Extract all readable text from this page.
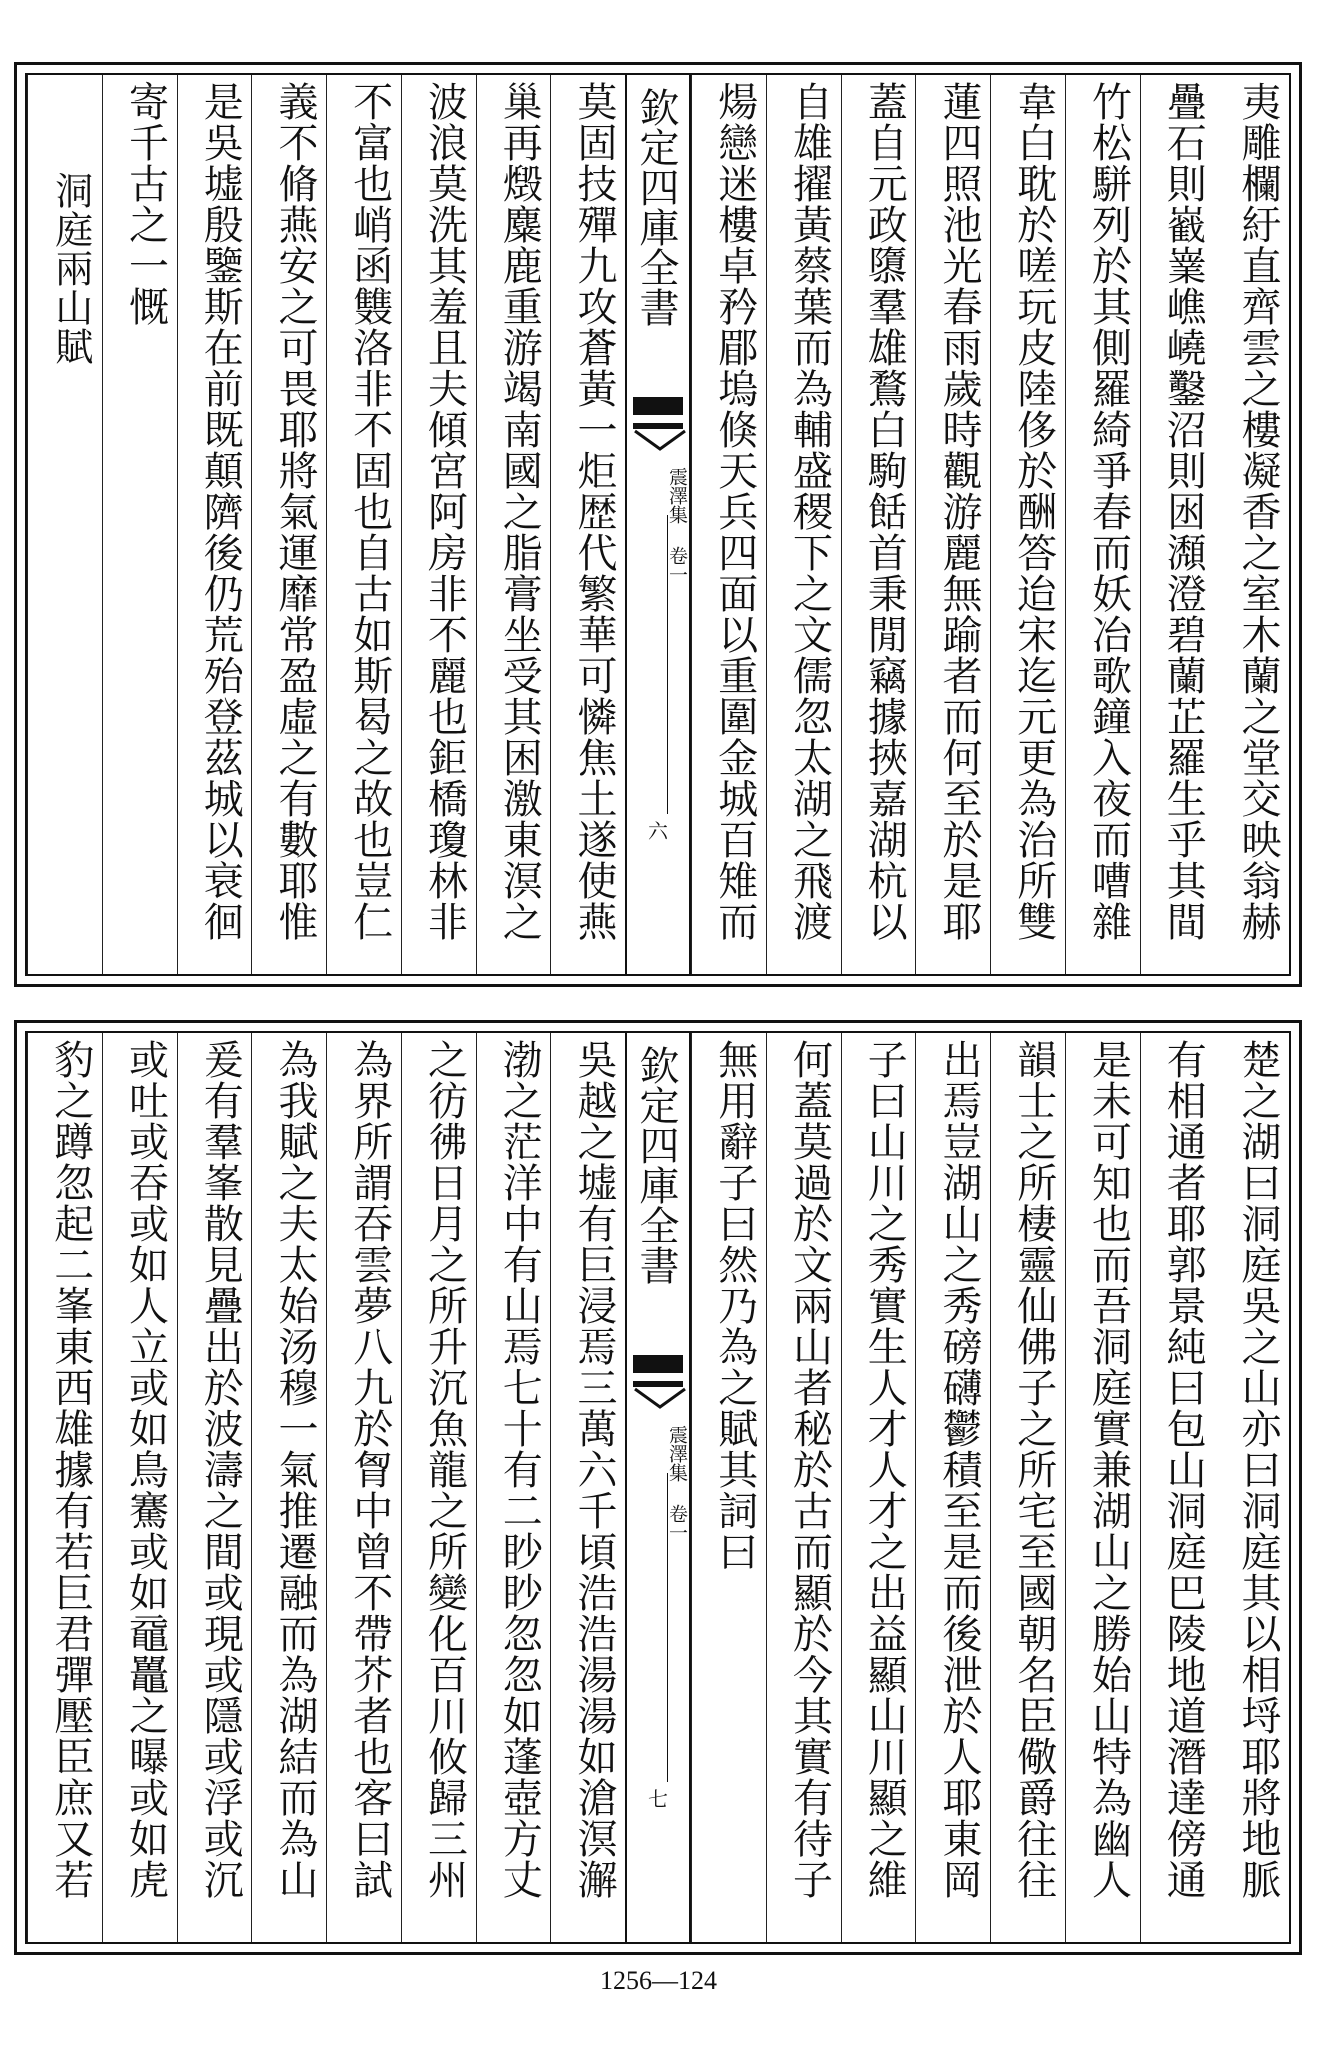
夷雕欄紆直齊雲之樓凝香之室木蘭之堂交映翁赫
疊石則巀嶪嶕嶢鑿沼則囦瀩澄碧蘭芷羅生乎其間
竹松駢列於其側羅綺爭春而妖冶歌鐘入夜而嘈雜
韋白耽於嗟玩皮陸侈於酬答迨宋迄元更為治所雙
蓮四照池光春雨歲時觀游麗無踰者而何至於是耶
蓋自元政隳羣雄鶩白駒餂首秉閒竊據挾嘉湖杭以
自雄擢黃蔡葉而為輔盛稷下之文儒忽太湖之飛渡
煬戀迷樓卓矜郿塢倏天兵四面以重圍金城百雉而
欽定四庫全書
震澤集 卷一
六
莫固技殫九攻蒼黃一炬歴代繁華可憐焦土遂使燕
巢再燬麋鹿重游竭南國之脂膏坐受其困激東溟之
波浪莫洗其羞且夫傾宮阿房非不麗也鉅橋瓊林非
不富也峭函䨇洛非不固也自古如斯曷之故也豈仁
義不脩燕安之可畏耶將氣運靡常盈虛之有數耶惟
是吳墟殷鑒斯在前既顛隮後仍荒殆登茲城以衰徊
寄千古之一慨
洞庭兩山賦
楚之湖曰洞庭吳之山亦曰洞庭其以相埒耶將地脈
有相通者耶郭景純曰包山洞庭巴陵地道潛達傍通
是未可知也而吾洞庭實兼湖山之勝始山特為幽人
韻士之所棲靈仙佛子之所宅至國朝名臣儆爵往往
出焉豈湖山之秀磅礴鬱積至是而後泄於人耶東岡
子曰山川之秀實生人才人才之出益顯山川顯之維
何蓋莫過於文兩山者秘於古而顯於今其實有待子
無用辭子曰然乃為之賦其詞曰
欽定四庫全書
震澤集 卷一
七
吳越之墟有巨浸焉三萬六千頃浩浩湯湯如滄溟澥
渤之茫洋中有山焉七十有二眇眇忽忽如蓬壺方丈
之彷彿日月之所升沉魚龍之所變化百川攸歸三州
為界所謂吞雲夢八九於胷中曾不帶芥者也客曰試
為我賦之夫太始汤穆一氣推遷融而為湖結而為山
爰有羣峯散見疊出於波濤之間或現或隱或浮或沉
或吐或吞或如人立或如鳥騫或如黿鼉之曝或如虎
豹之蹲忽起二峯東西雄據有若巨君彈壓臣庶又若
1256—124
